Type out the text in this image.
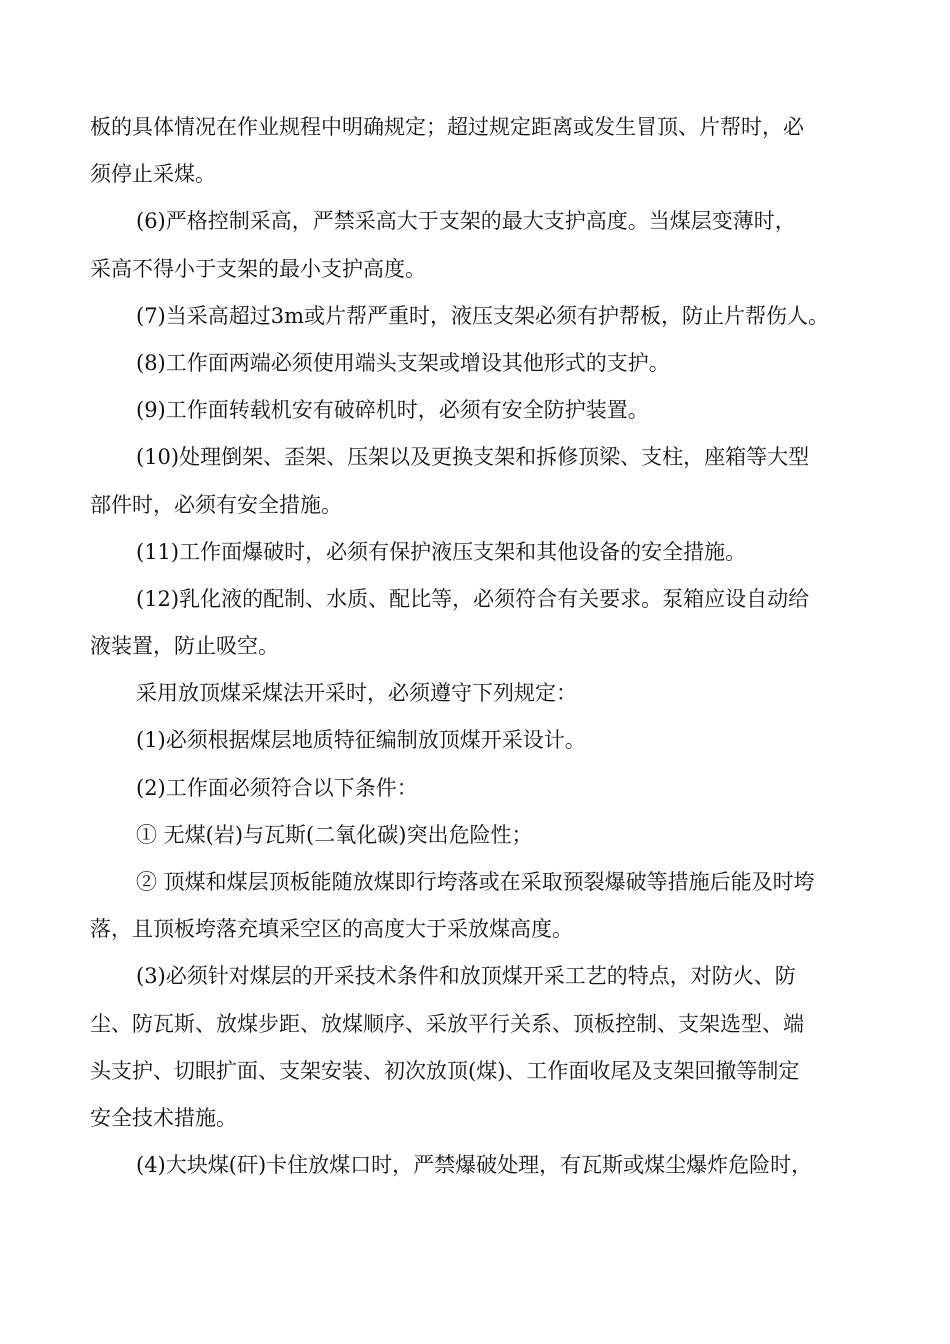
板的具体情况在作业规程中明确规定；超过规定距离或发生冒顶、片帮时，必
须停止采煤。
(6)严格控制采高，严禁采高大于支架的最大支护高度。当煤层变薄时，
采高不得小于支架的最小支护高度。
(7)当采高超过3m或片帮严重时，液压支架必须有护帮板，防止片帮伤人。
(8)工作面两端必须使用端头支架或增设其他形式的支护。
(9)工作面转载机安有破碎机时，必须有安全防护装置。
(10)处理倒架、歪架、压架以及更换支架和拆修顶梁、支柱，座箱等大型
部件时，必须有安全措施。
(11)工作面爆破时，必须有保护液压支架和其他设备的安全措施。
(12)乳化液的配制、水质、配比等，必须符合有关要求。泵箱应设自动给
液装置，防止吸空。
采用放顶煤采煤法开采时，必须遵守下列规定：
(1)必须根据煤层地质特征编制放顶煤开采设计。
(2)工作面必须符合以下条件：
① 无煤(岩)与瓦斯(二氧化碳)突出危险性；
② 顶煤和煤层顶板能随放煤即行垮落或在采取预裂爆破等措施后能及时垮
落，且顶板垮落充填采空区的高度大于采放煤高度。
(3)必须针对煤层的开采技术条件和放顶煤开采工艺的特点，对防火、防
尘、防瓦斯、放煤步距、放煤顺序、采放平行关系、顶板控制、支架选型、端
头支护、切眼扩面、支架安装、初次放顶(煤)、工作面收尾及支架回撤等制定
安全技术措施。
(4)大块煤(矸)卡住放煤口时，严禁爆破处理，有瓦斯或煤尘爆炸危险时，
